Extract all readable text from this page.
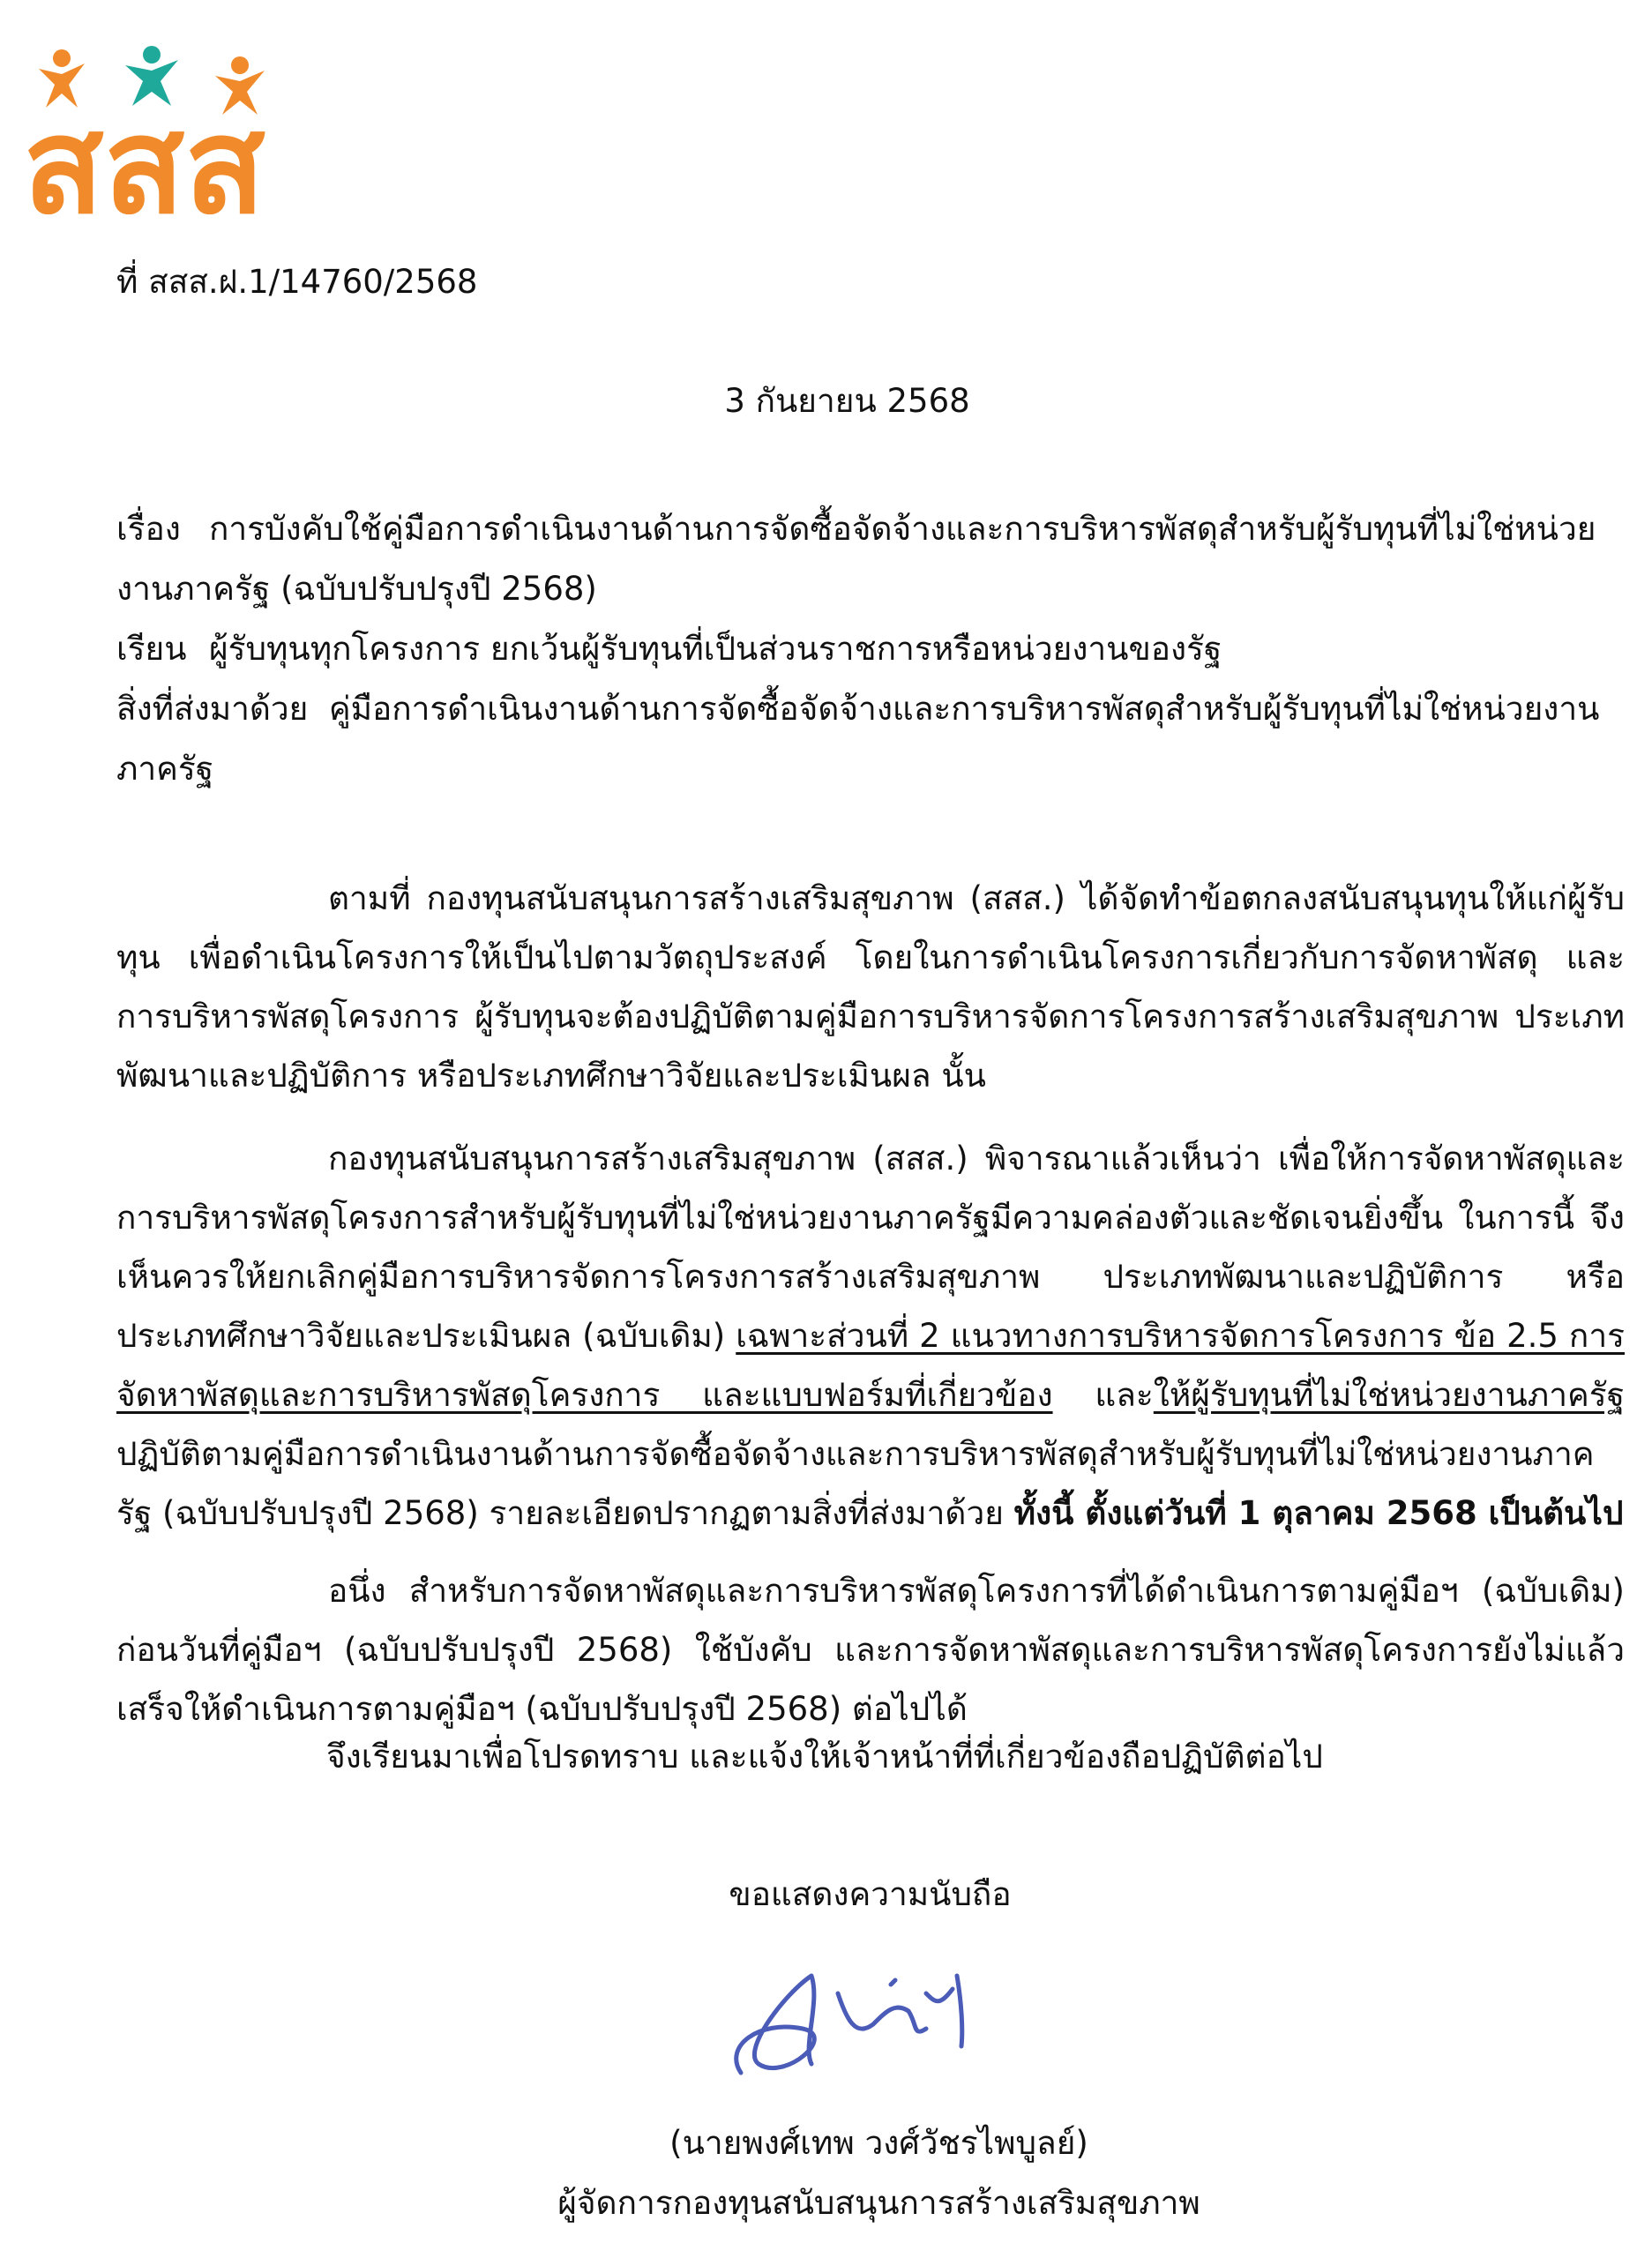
สสส
ที่ สสส.ฝ.1/14760/2568
3 กันยายน 2568
เรื่อง การบังคับใช้คู่มือการดำเนินงานด้านการจัดซื้อจัดจ้างและการบริหารพัสดุสำหรับผู้รับทุนที่ไม่ใช่หน่วยงานภาครัฐ (ฉบับปรับปรุงปี 2568)
เรียน ผู้รับทุนทุกโครงการ ยกเว้นผู้รับทุนที่เป็นส่วนราชการหรือหน่วยงานของรัฐ
สิ่งที่ส่งมาด้วย คู่มือการดำเนินงานด้านการจัดซื้อจัดจ้างและการบริหารพัสดุสำหรับผู้รับทุนที่ไม่ใช่หน่วยงานภาครัฐ

ตามที่ กองทุนสนับสนุนการสร้างเสริมสุขภาพ (สสส.) ได้จัดทำข้อตกลงสนับสนุนทุนให้แก่ผู้รับทุน เพื่อดำเนินโครงการให้เป็นไปตามวัตถุประสงค์ โดยในการดำเนินโครงการเกี่ยวกับการจัดหาพัสดุ และการบริหารพัสดุโครงการ ผู้รับทุนจะต้องปฏิบัติตามคู่มือการบริหารจัดการโครงการสร้างเสริมสุขภาพ ประเภทพัฒนาและปฏิบัติการ หรือประเภทศึกษาวิจัยและประเมินผล นั้น

กองทุนสนับสนุนการสร้างเสริมสุขภาพ (สสส.) พิจารณาแล้วเห็นว่า เพื่อให้การจัดหาพัสดุและการบริหารพัสดุโครงการสำหรับผู้รับทุนที่ไม่ใช่หน่วยงานภาครัฐมีความคล่องตัวและชัดเจนยิ่งขึ้น ในการนี้ จึงเห็นควรให้ยกเลิกคู่มือการบริหารจัดการโครงการสร้างเสริมสุขภาพ ประเภทพัฒนาและปฏิบัติการ หรือประเภทศึกษาวิจัยและประเมินผล (ฉบับเดิม) เฉพาะส่วนที่ 2 แนวทางการบริหารจัดการโครงการ ข้อ 2.5 การจัดหาพัสดุและการบริหารพัสดุโครงการ และแบบฟอร์มที่เกี่ยวข้อง และให้ผู้รับทุนที่ไม่ใช่หน่วยงานภาครัฐ ปฏิบัติตามคู่มือการดำเนินงานด้านการจัดซื้อจัดจ้างและการบริหารพัสดุสำหรับผู้รับทุนที่ไม่ใช่หน่วยงานภาครัฐ (ฉบับปรับปรุงปี 2568) รายละเอียดปรากฏตามสิ่งที่ส่งมาด้วย ทั้งนี้ ตั้งแต่วันที่ 1 ตุลาคม 2568 เป็นต้นไป

อนึ่ง สำหรับการจัดหาพัสดุและการบริหารพัสดุโครงการที่ได้ดำเนินการตามคู่มือฯ (ฉบับเดิม) ก่อนวันที่คู่มือฯ (ฉบับปรับปรุงปี 2568) ใช้บังคับ และการจัดหาพัสดุและการบริหารพัสดุโครงการยังไม่แล้วเสร็จให้ดำเนินการตามคู่มือฯ (ฉบับปรับปรุงปี 2568) ต่อไปได้

จึงเรียนมาเพื่อโปรดทราบ และแจ้งให้เจ้าหน้าที่ที่เกี่ยวข้องถือปฏิบัติต่อไป
ขอแสดงความนับถือ
(นายพงศ์เทพ วงศ์วัชรไพบูลย์)
ผู้จัดการกองทุนสนับสนุนการสร้างเสริมสุขภาพ
